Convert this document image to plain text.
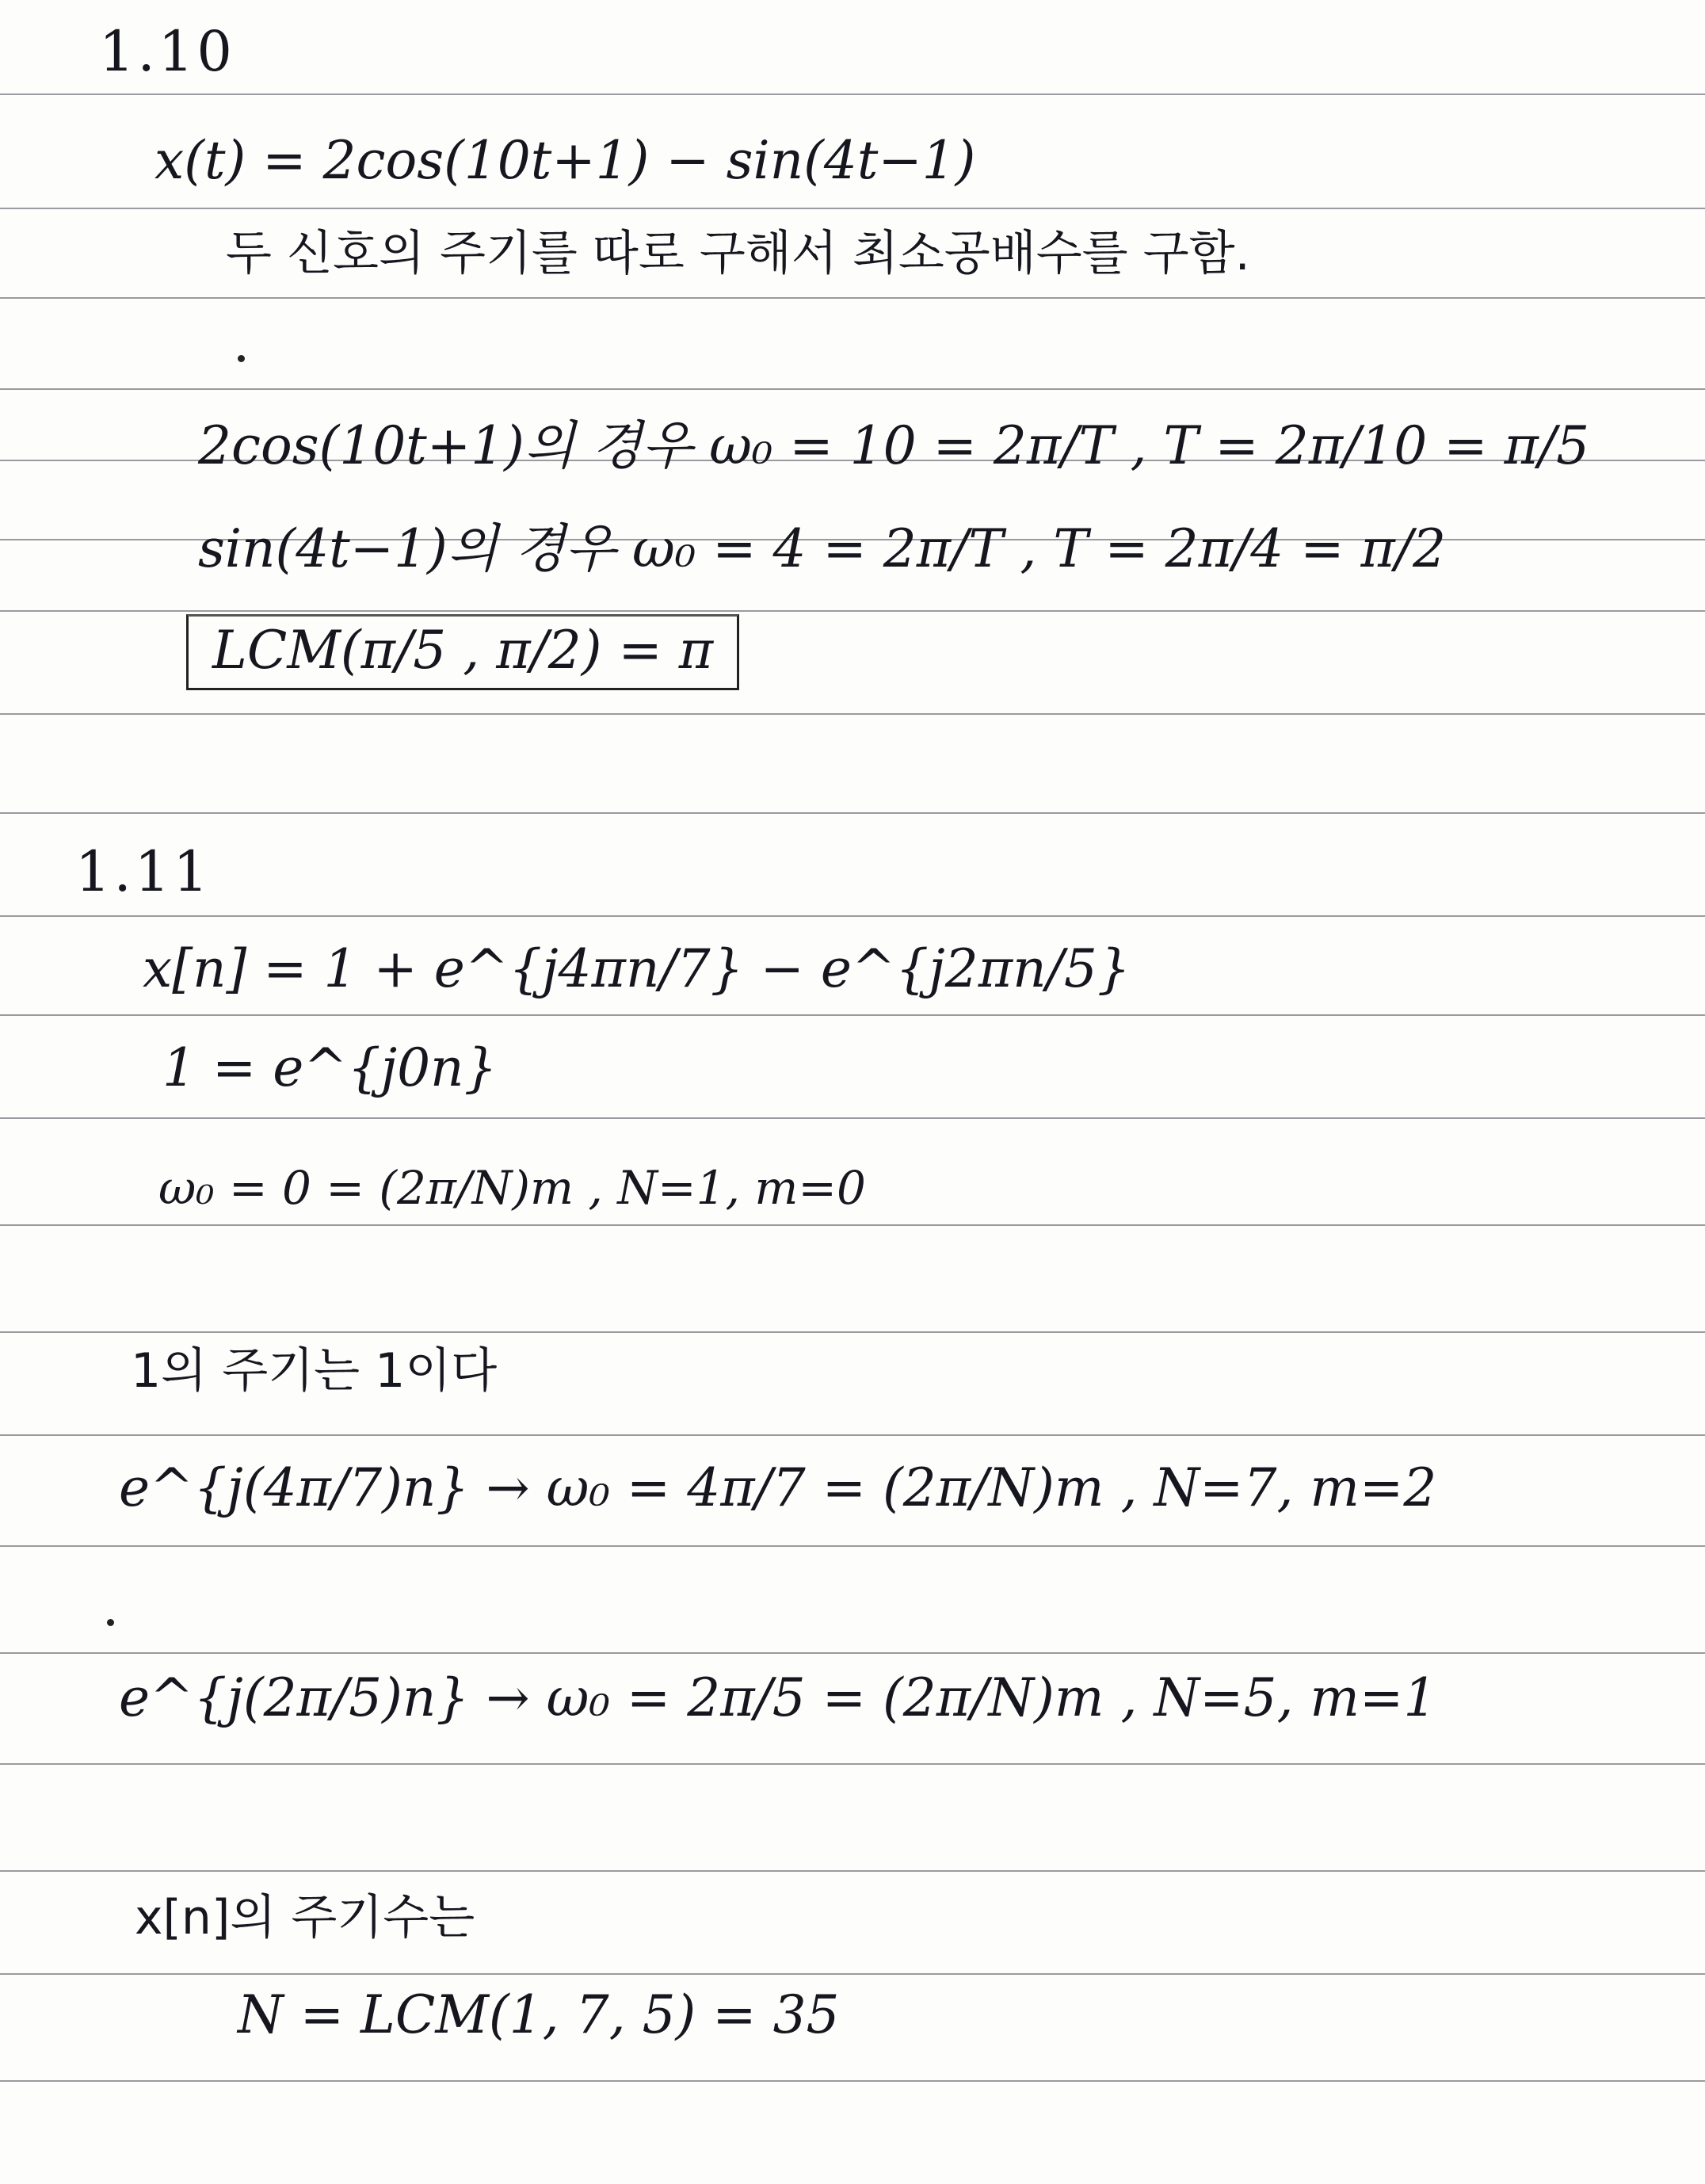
1.10
x(t) = 2cos(10t+1) − sin(4t−1)
두 신호의 주기를 따로 구해서 최소공배수를 구함.
2cos(10t+1)의 경우 ω₀ = 10 = 2π/T , T = 2π/10 = π/5
sin(4t−1)의 경우 ω₀ = 4 = 2π/T , T = 2π/4 = π/2
LCM(π/5 , π/2) = π
1.11
x[n] = 1 + e^{j4πn/7} − e^{j2πn/5}
1 = e^{j0n}
ω₀ = 0 = (2π/N)m , N=1, m=0
1의 주기는 1이다
e^{j(4π/7)n} → ω₀ = 4π/7 = (2π/N)m , N=7, m=2
e^{j(2π/5)n} → ω₀ = 2π/5 = (2π/N)m , N=5, m=1
x[n]의 주기수는
N = LCM(1, 7, 5) = 35
